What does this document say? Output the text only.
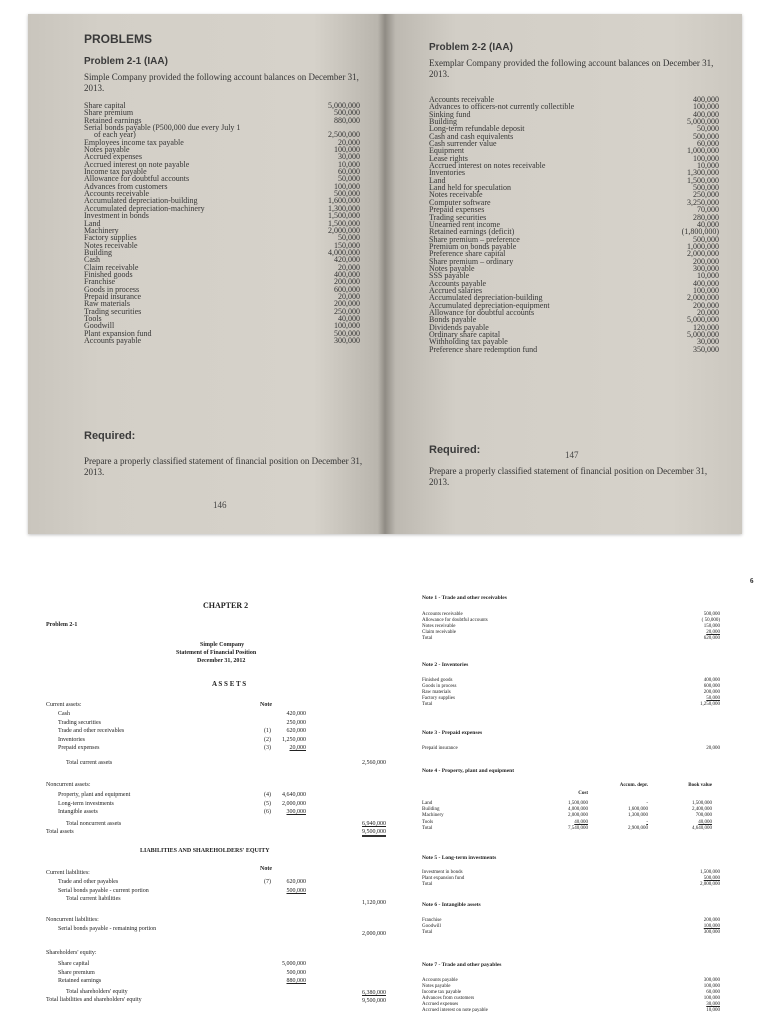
PROBLEMS
Problem 2-1 (IAA)
Simple Company provided the following account balances on December 31, 2013.
Share capital	5,000,000
Share premium	500,000
Retained earnings	880,000
Serial bonds payable (P500,000 due every July 1
of each year)	2,500,000
Employees income tax payable	20,000
Notes payable	100,000
Accrued expenses	30,000
Accrued interest on note payable	10,000
Income tax payable	60,000
Allowance for doubtful accounts	50,000
Advances from customers	100,000
Accounts receivable	500,000
Accumulated depreciation-building	1,600,000
Accumulated depreciation-machinery	1,300,000
Investment in bonds	1,500,000
Land	1,500,000
Machinery	2,000,000
Factory supplies	50,000
Notes receivable	150,000
Building	4,000,000
Cash	420,000
Claim receivable	20,000
Finished goods	400,000
Franchise	200,000
Goods in process	600,000
Prepaid insurance	20,000
Raw materials	200,000
Trading securities	250,000
Tools	40,000
Goodwill	100,000
Plant expansion fund	500,000
Accounts payable	300,000
Required:
Prepare a properly classified statement of financial position on December 31, 2013.
146
Problem 2-2 (IAA)
Exemplar Company provided the following account balances on December 31, 2013.
Accounts receivable	400,000
Advances to officers-not currently collectible	100,000
Sinking fund	400,000
Building	5,000,000
Long-term refundable deposit	50,000
Cash and cash equivalents	500,000
Cash surrender value	60,000
Equipment	1,000,000
Lease rights	100,000
Accrued interest on notes receivable	10,000
Inventories	1,300,000
Land	1,500,000
Land held for speculation	500,000
Notes receivable	250,000
Computer software	3,250,000
Prepaid expenses	70,000
Trading securities	280,000
Unearned rent income	40,000
Retained earnings (deficit)	(1,800,000)
Share premium – preference	500,000
Premium on bonds payable	1,000,000
Preference share capital	2,000,000
Share premium – ordinary	200,000
Notes payable	300,000
SSS payable	10,000
Accounts payable	400,000
Accrued salaries	100,000
Accumulated depreciation-building	2,000,000
Accumulated depreciation-equipment	200,000
Allowance for doubtful accounts	20,000
Bonds payable	5,000,000
Dividends payable	120,000
Ordinary share capital	5,000,000
Withholding tax payable	30,000
Preference share redemption fund	350,000
Required:
Prepare a properly classified statement of financial position on December 31, 2013.
147
6
CHAPTER 2
Problem 2-1
Simple Company
Statement of Financial Position
December 31, 2012
A S S E T S
Note
Current assets:
Cash	420,000
Trading securities	250,000
Trade and other receivables	(1)	620,000
Inventories	(2)	1,250,000
Prepaid expenses	(3)	20,000
Total current assets	2,560,000
Noncurrent assets:
Property, plant and equipment	(4)	4,640,000
Long-term investments	(5)	2,000,000
Intangible assets	(6)	300,000
Total noncurrent assets	6,940,000
Total assets	9,500,000
LIABILITIES AND SHAREHOLDERS' EQUITY
Note
Current liabilities:
Trade and other payables	(7)	620,000
Serial bonds payable - current portion	500,000
Total current liabilities
1,120,000
Noncurrent liabilities:
Serial bonds payable - remaining portion
2,000,000
Shareholders' equity:
Share capital	5,000,000
Share premium	500,000
Retained earnings	880,000
Total shareholders' equity	6,380,000
Total liabilities and shareholders' equity	9,500,000
Note 1 - Trade and other receivables
Accounts receivable	500,000
Allowance for doubtful accounts	( 50,000)
Notes receivable	150,000
Claim receivable	20,000
Total	620,000
Note 2 - Inventories
Finished goods	400,000
Goods in process	600,000
Raw materials	200,000
Factory supplies	50,000
Total	1,250,000
Note 3 - Prepaid expenses
Prepaid insurance	20,000
Note 4 - Property, plant and equipment
Cost
Accum. depr.	Book value
Land	1,500,000	-	1,500,000
Building	4,000,000	1,600,000	2,400,000
Machinery	2,000,000	1,300,000	700,000
Tools	40,000	-	40,000
Total	7,540,000	2,900,000	4,640,000
Note 5 - Long-term investments
Investment in bonds	1,500,000
Plant expansion fund	500,000
Total	2,000,000
Note 6 - Intangible assets
Franchise	200,000
Goodwill	100,000
Total	300,000
Note 7 - Trade and other payables
Accounts payable	300,000
Notes payable	100,000
Income tax payable	60,000
Advances from customers	100,000
Accrued expenses	30,000
Accrued interest on note payable	10,000
